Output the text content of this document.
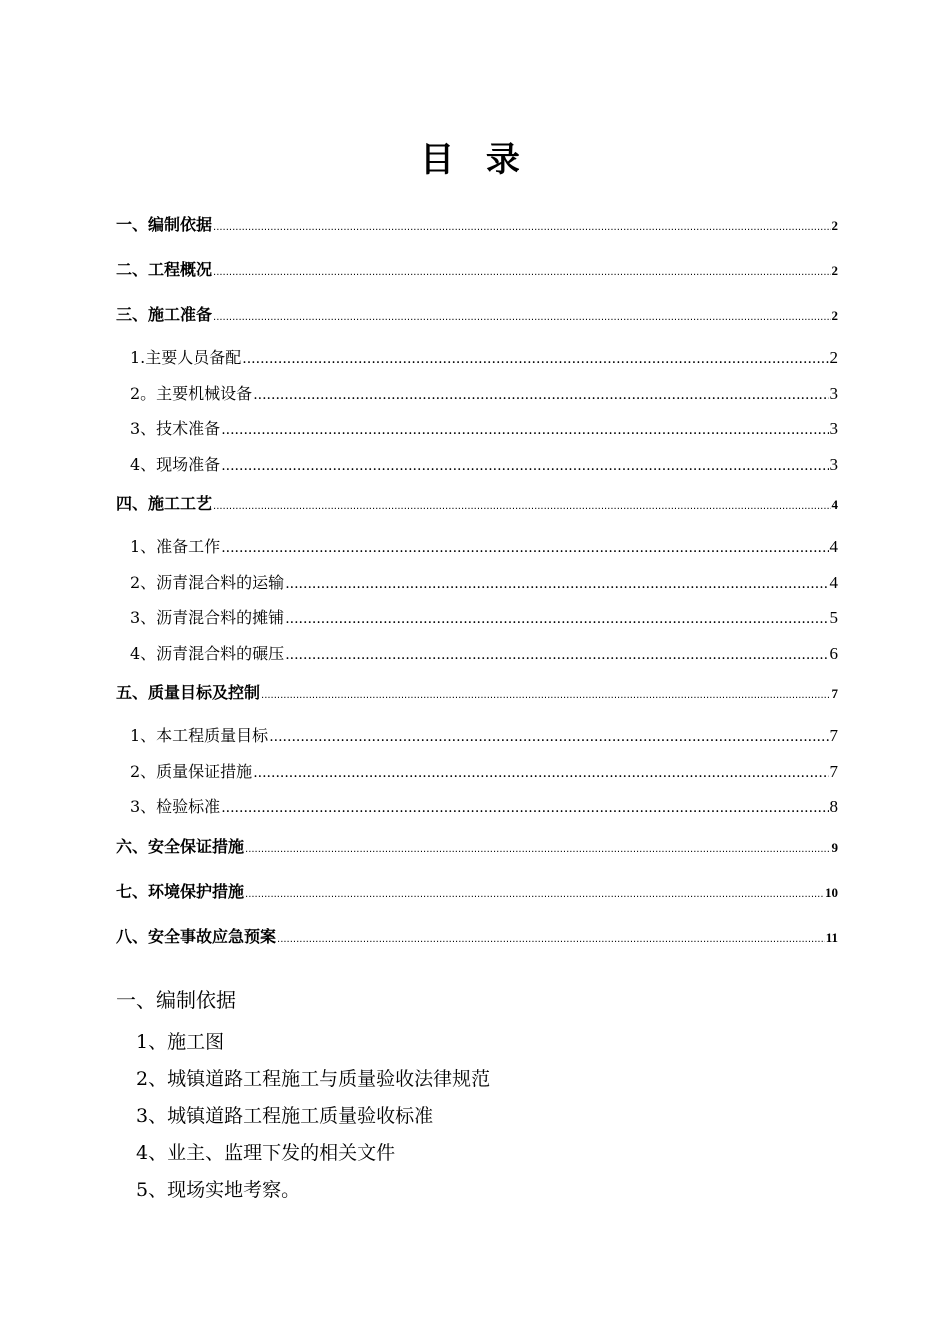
目 录
一、编制依据 .....	2
二、工程概况 .....	2
三、施工准备 .....	2
1.主要人员备配 .....	2
2。主要机械设备 .....	3
3、技术准备 .....	3
4、现场准备 .....	3
四、施工工艺 .....	4
1、准备工作 .....	4
2、沥青混合料的运输 .....	4
3、沥青混合料的摊铺 .....	5
4、沥青混合料的碾压 .....	6
五、质量目标及控制 .....	7
1、本工程质量目标 .....	7
2、质量保证措施 .....	7
3、检验标准 .....	8
六、安全保证措施 .....	9
七、环境保护措施 .....	10
八、安全事故应急预案 .....	11
一、编制依据
1、施工图
2、城镇道路工程施工与质量验收法律规范
3、城镇道路工程施工质量验收标准
4、业主、监理下发的相关文件
5、现场实地考察。
